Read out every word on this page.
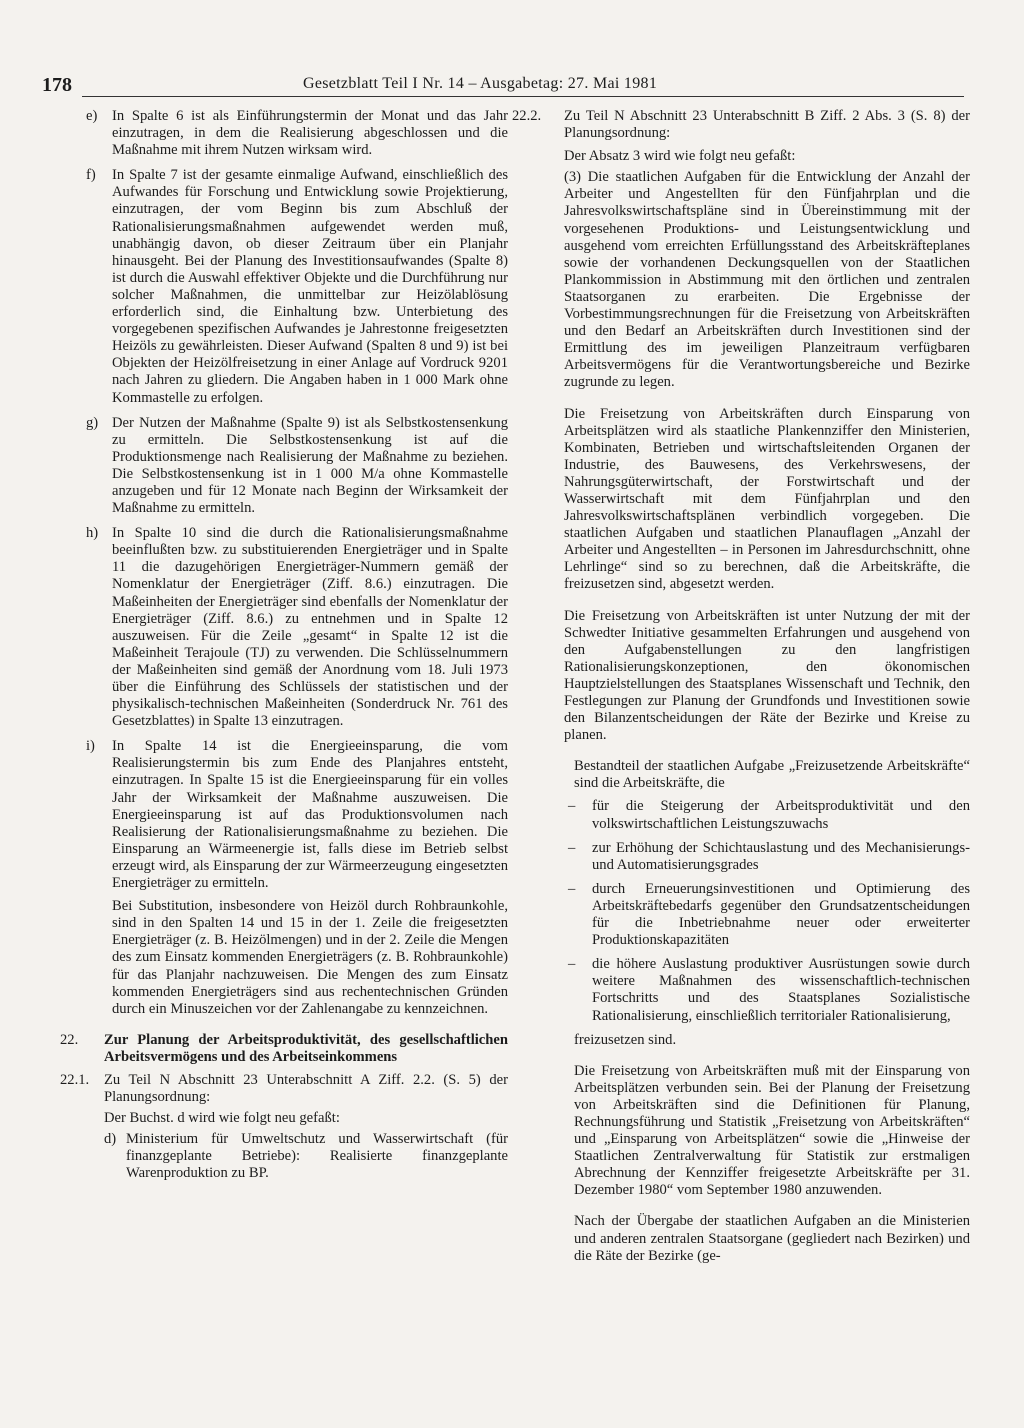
178	Gesetzblatt Teil I Nr. 14 – Ausgabetag: 27. Mai 1981
e) In Spalte 6 ist als Einführungstermin der Monat und das Jahr einzutragen, in dem die Realisierung abgeschlossen und die Maßnahme mit ihrem Nutzen wirksam wird.

f) In Spalte 7 ist der gesamte einmalige Aufwand, einschließlich des Aufwandes für Forschung und Entwicklung sowie Projektierung, einzutragen, der vom Beginn bis zum Abschluß der Rationalisierungsmaßnahmen aufgewendet werden muß, unabhängig davon, ob dieser Zeitraum über ein Planjahr hinausgeht. Bei der Planung des Investitionsaufwandes (Spalte 8) ist durch die Auswahl effektiver Objekte und die Durchführung nur solcher Maßnahmen, die unmittelbar zur Heizölablösung erforderlich sind, die Einhaltung bzw. Unterbietung des vorgegebenen spezifischen Aufwandes je Jahrestonne freigesetzten Heizöls zu gewährleisten. Dieser Aufwand (Spalten 8 und 9) ist bei Objekten der Heizölfreisetzung in einer Anlage auf Vordruck 9201 nach Jahren zu gliedern. Die Angaben haben in 1 000 Mark ohne Kommastelle zu erfolgen.

g) Der Nutzen der Maßnahme (Spalte 9) ist als Selbstkostensenkung zu ermitteln. Die Selbstkostensenkung ist auf die Produktionsmenge nach Realisierung der Maßnahme zu beziehen. Die Selbstkostensenkung ist in 1 000 M/a ohne Kommastelle anzugeben und für 12 Monate nach Beginn der Wirksamkeit der Maßnahme zu ermitteln.

h) In Spalte 10 sind die durch die Rationalisierungsmaßnahme beeinflußten bzw. zu substituierenden Energieträger und in Spalte 11 die dazugehörigen Energieträger-Nummern gemäß der Nomenklatur der Energieträger (Ziff. 8.6.) einzutragen. Die Maßeinheiten der Energieträger sind ebenfalls der Nomenklatur der Energieträger (Ziff. 8.6.) zu entnehmen und in Spalte 12 auszuweisen. Für die Zeile „gesamt“ in Spalte 12 ist die Maßeinheit Terajoule (TJ) zu verwenden. Die Schlüsselnummern der Maßeinheiten sind gemäß der Anordnung vom 18. Juli 1973 über die Einführung des Schlüssels der statistischen und der physikalisch-technischen Maßeinheiten (Sonderdruck Nr. 761 des Gesetzblattes) in Spalte 13 einzutragen.

i) In Spalte 14 ist die Energieeinsparung, die vom Realisierungstermin bis zum Ende des Planjahres entsteht, einzutragen. In Spalte 15 ist die Energieeinsparung für ein volles Jahr der Wirksamkeit der Maßnahme auszuweisen. Die Energieeinsparung ist auf das Produktionsvolumen nach Realisierung der Rationalisierungsmaßnahme zu beziehen. Die Einsparung an Wärmeenergie ist, falls diese im Betrieb selbst erzeugt wird, als Einsparung der zur Wärmeerzeugung eingesetzten Energieträger zu ermitteln.

Bei Substitution, insbesondere von Heizöl durch Rohbraunkohle, sind in den Spalten 14 und 15 in der 1. Zeile die freigesetzten Energieträger (z. B. Heizölmengen) und in der 2. Zeile die Mengen des zum Einsatz kommenden Energieträgers (z. B. Rohbraunkohle) für das Planjahr nachzuweisen. Die Mengen des zum Einsatz kommenden Energieträgers sind aus rechentechnischen Gründen durch ein Minuszeichen vor der Zahlenangabe zu kennzeichnen.

22. Zur Planung der Arbeitsproduktivität, des gesellschaftlichen Arbeitsvermögens und des Arbeitseinkommens
22.1. Zu Teil N Abschnitt 23 Unterabschnitt A Ziff. 2.2. (S. 5) der Planungsordnung:

Der Buchst. d wird wie folgt neu gefaßt:

d) Ministerium für Umweltschutz und Wasserwirtschaft (für finanzgeplante Betriebe): Realisierte finanzgeplante Warenproduktion zu BP.
22.2. Zu Teil N Abschnitt 23 Unterabschnitt B Ziff. 2 Abs. 3 (S. 8) der Planungsordnung:

Der Absatz 3 wird wie folgt neu gefaßt:

(3) Die staatlichen Aufgaben für die Entwicklung der Anzahl der Arbeiter und Angestellten für den Fünfjahrplan und die Jahresvolkswirtschaftspläne sind in Übereinstimmung mit der vorgesehenen Produktions- und Leistungsentwicklung und ausgehend vom erreichten Erfüllungsstand des Arbeitskräfteplanes sowie der vorhandenen Deckungsquellen von der Staatlichen Plankommission in Abstimmung mit den örtlichen und zentralen Staatsorganen zu erarbeiten. Die Ergebnisse der Vorbestimmungsrechnungen für die Freisetzung von Arbeitskräften und den Bedarf an Arbeitskräften durch Investitionen sind der Ermittlung des im jeweiligen Planzeitraum verfügbaren Arbeitsvermögens für die Verantwortungsbereiche und Bezirke zugrunde zu legen.

Die Freisetzung von Arbeitskräften durch Einsparung von Arbeitsplätzen wird als staatliche Plankennziffer den Ministerien, Kombinaten, Betrieben und wirtschaftsleitenden Organen der Industrie, des Bauwesens, des Verkehrswesens, der Nahrungsgüterwirtschaft, der Forstwirtschaft und der Wasserwirtschaft mit dem Fünfjahrplan und den Jahresvolkswirtschaftsplänen verbindlich vorgegeben. Die staatlichen Aufgaben und staatlichen Planauflagen „Anzahl der Arbeiter und Angestellten – in Personen im Jahresdurchschnitt, ohne Lehrlinge“ sind so zu berechnen, daß die Arbeitskräfte, die freizusetzen sind, abgesetzt werden.

Die Freisetzung von Arbeitskräften ist unter Nutzung der mit der Schwedter Initiative gesammelten Erfahrungen und ausgehend von den Aufgabenstellungen zu den langfristigen Rationalisierungskonzeptionen, den ökonomischen Hauptzielstellungen des Staatsplanes Wissenschaft und Technik, den Festlegungen zur Planung der Grundfonds und Investitionen sowie den Bilanzentscheidungen der Räte der Bezirke und Kreise zu planen.

Bestandteil der staatlichen Aufgabe „Freizusetzende Arbeitskräfte“ sind die Arbeitskräfte, die

– für die Steigerung der Arbeitsproduktivität und den volkswirtschaftlichen Leistungszuwachs
– zur Erhöhung der Schichtauslastung und des Mechanisierungs- und Automatisierungsgrades
– durch Erneuerungsinvestitionen und Optimierung des Arbeitskräftebedarfs gegenüber den Grundsatzentscheidungen für die Inbetriebnahme neuer oder erweiterter Produktionskapazitäten
– die höhere Auslastung produktiver Ausrüstungen sowie durch weitere Maßnahmen des wissenschaftlich-technischen Fortschritts und des Staatsplanes Sozialistische Rationalisierung, einschließlich territorialer Rationalisierung,

freizusetzen sind.

Die Freisetzung von Arbeitskräften muß mit der Einsparung von Arbeitsplätzen verbunden sein. Bei der Planung der Freisetzung von Arbeitskräften sind die Definitionen für Planung, Rechnungsführung und Statistik „Freisetzung von Arbeitskräften“ und „Einsparung von Arbeitsplätzen“ sowie die „Hinweise der Staatlichen Zentralverwaltung für Statistik zur erstmaligen Abrechnung der Kennziffer freigesetzte Arbeitskräfte per 31. Dezember 1980“ vom September 1980 anzuwenden.

Nach der Übergabe der staatlichen Aufgaben an die Ministerien und anderen zentralen Staatsorgane (gegliedert nach Bezirken) und die Räte der Bezirke (ge-
